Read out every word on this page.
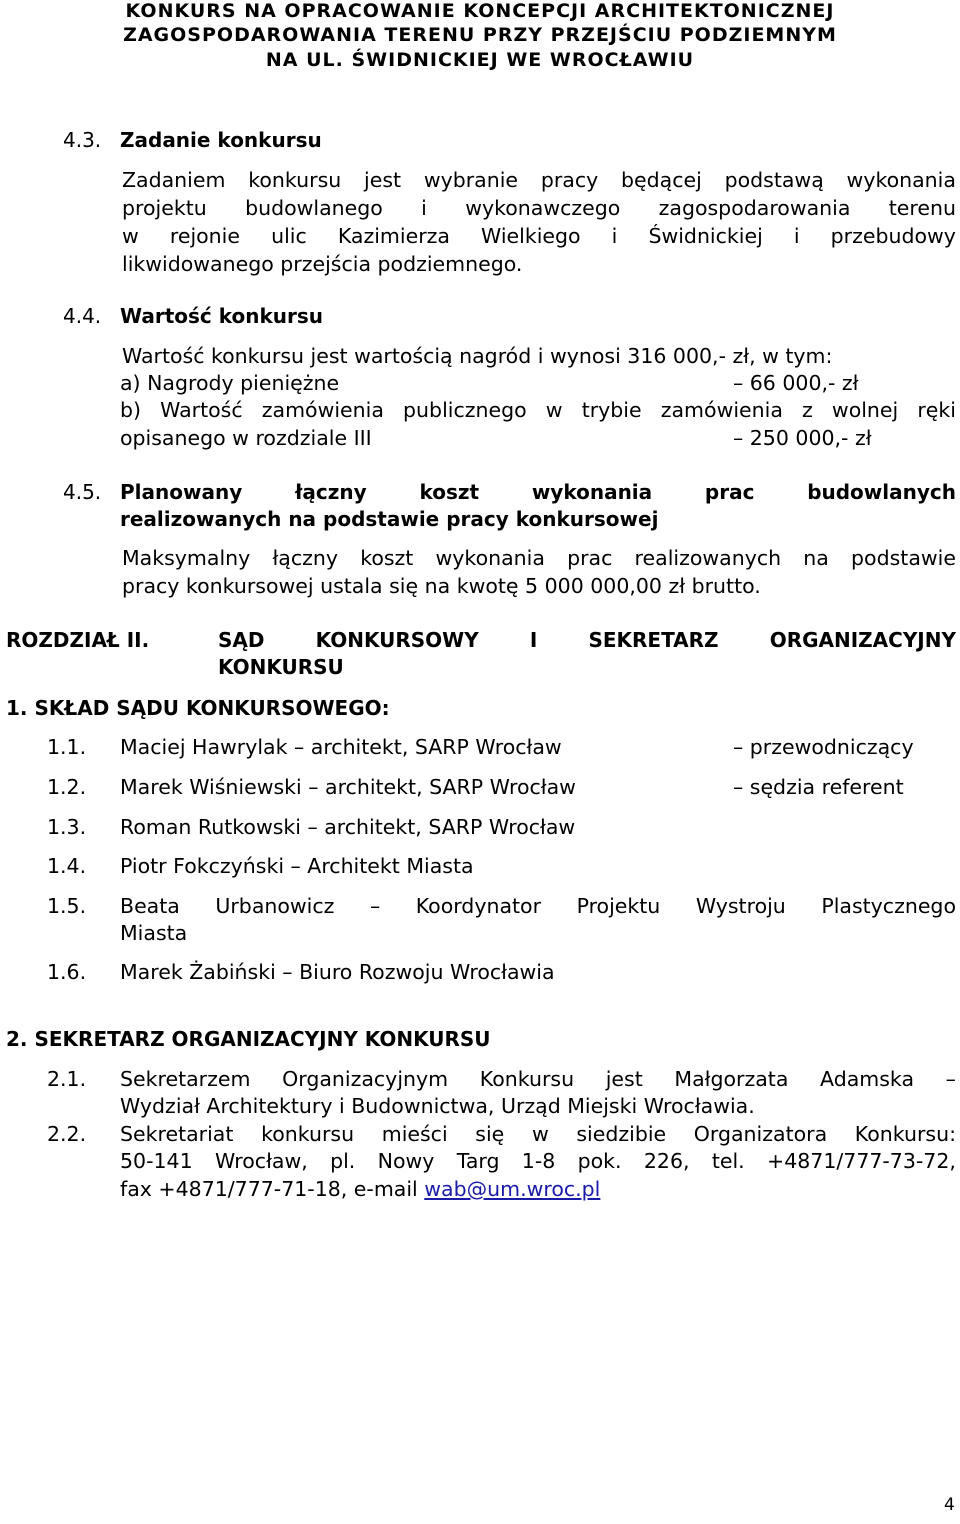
KONKURS NA OPRACOWANIE KONCEPCJI ARCHITEKTONICZNEJ
ZAGOSPODAROWANIA TERENU PRZY PRZEJŚCIU PODZIEMNYM
NA UL. ŚWIDNICKIEJ WE WROCŁAWIU
4.3. Zadanie konkursu
Zadaniem konkursu jest wybranie pracy będącej podstawą wykonania
projektu budowlanego i wykonawczego zagospodarowania terenu
w rejonie ulic Kazimierza Wielkiego i Świdnickiej i przebudowy
likwidowanego przejścia podziemnego.
4.4. Wartość konkursu
Wartość konkursu jest wartością nagród i wynosi 316 000,- zł, w tym:
a) Nagrody pieniężne	– 66 000,- zł
b) Wartość zamówienia publicznego w trybie zamówienia z wolnej ręki
opisanego w rozdziale III	– 250 000,- zł
4.5. Planowany	łączny	koszt	wykonania	prac	budowlanych
realizowanych na podstawie pracy konkursowej
Maksymalny łączny koszt wykonania prac realizowanych na podstawie
pracy konkursowej ustala się na kwotę 5 000 000,00 zł brutto.
ROZDZIAŁ II.	SĄD	KONKURSOWY	I	SEKRETARZ	ORGANIZACYJNY
KONKURSU
1. SKŁAD SĄDU KONKURSOWEGO:
1.1. Maciej Hawrylak – architekt, SARP Wrocław	– przewodniczący
1.2. Marek Wiśniewski – architekt, SARP Wrocław	– sędzia referent
1.3. Roman Rutkowski – architekt, SARP Wrocław
1.4. Piotr Fokczyński – Architekt Miasta
1.5. Beata Urbanowicz – Koordynator Projektu Wystroju Plastycznego
Miasta
1.6. Marek Żabiński – Biuro Rozwoju Wrocławia
2. SEKRETARZ ORGANIZACYJNY KONKURSU
2.1. Sekretarzem Organizacyjnym Konkursu jest Małgorzata Adamska –
Wydział Architektury i Budownictwa, Urząd Miejski Wrocławia.
2.2. Sekretariat konkursu mieści się w siedzibie Organizatora Konkursu:
50-141 Wrocław, pl. Nowy Targ 1-8 pok. 226, tel. +4871/777-73-72,
fax +4871/777-71-18, e-mail wab@um.wroc.pl
4
